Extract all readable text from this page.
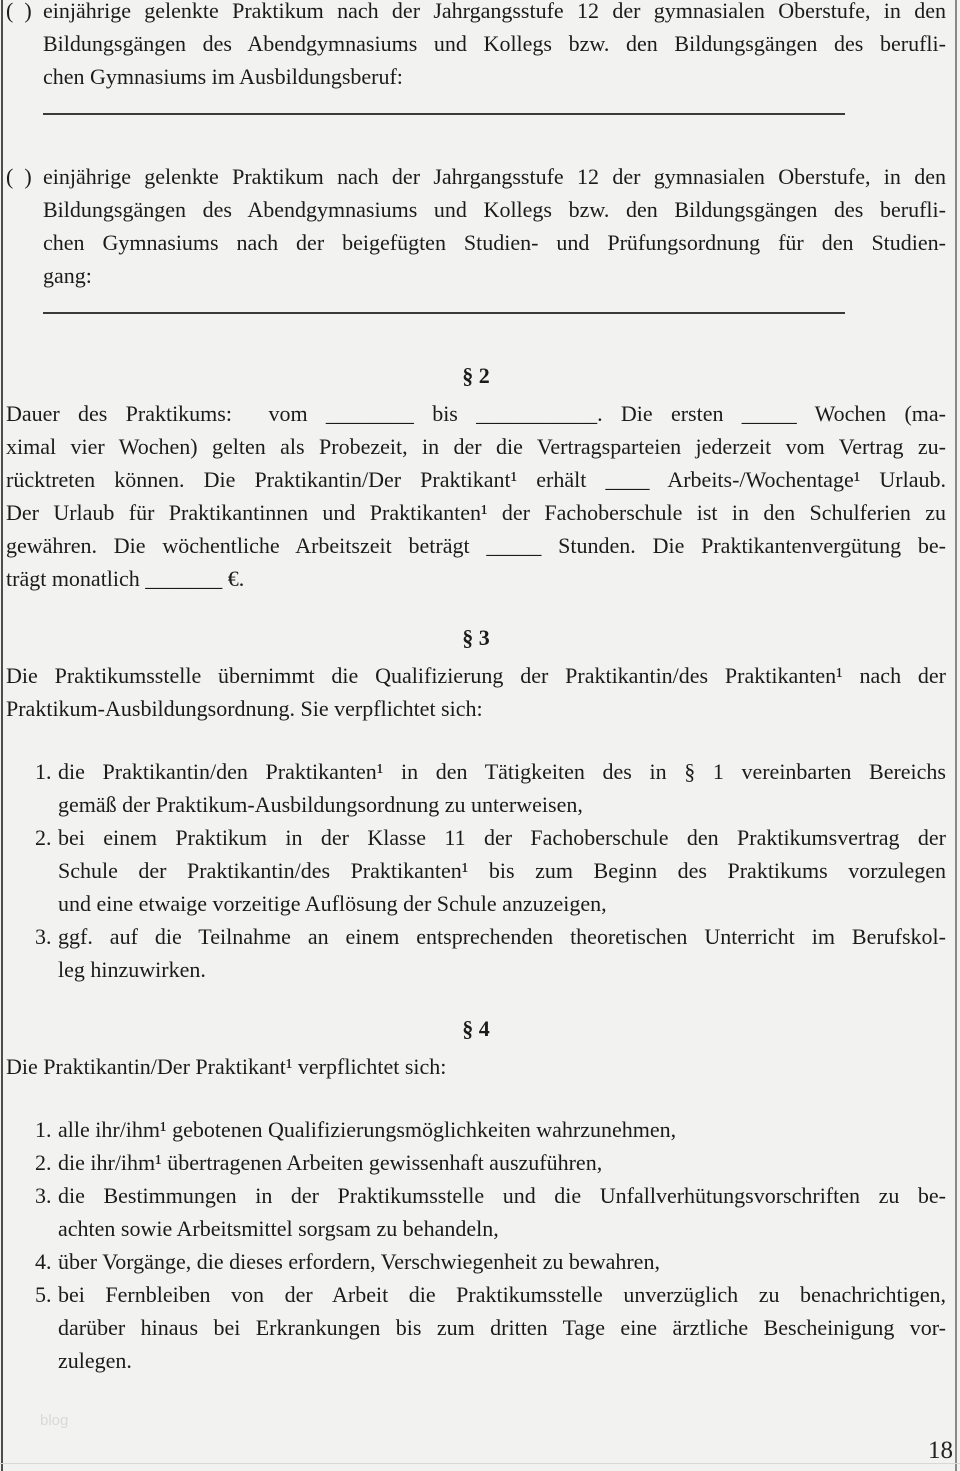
(  ) einjährige gelenkte Praktikum nach der Jahrgangsstufe 12 der gymnasialen Oberstufe, in den
Bildungsgängen des Abendgymnasiums und Kollegs bzw. den Bildungsgängen des berufli-
chen Gymnasiums im Ausbildungsberuf:
(  ) einjährige gelenkte Praktikum nach der Jahrgangsstufe 12 der gymnasialen Oberstufe, in den
Bildungsgängen des Abendgymnasiums und Kollegs bzw. den Bildungsgängen des berufli-
chen Gymnasiums nach der beigefügten Studien- und Prüfungsordnung für den Studien-
gang:
§ 2
Dauer des Praktikums:  vom ________ bis ___________. Die ersten _____ Wochen (ma-
ximal vier Wochen) gelten als Probezeit, in der die Vertragsparteien jederzeit vom Vertrag zu-
rücktreten können. Die Praktikantin/Der Praktikant¹ erhält ____ Arbeits-/Wochentage¹ Urlaub.
Der Urlaub für Praktikantinnen und Praktikanten¹ der Fachoberschule ist in den Schulferien zu
gewähren. Die wöchentliche Arbeitszeit beträgt _____ Stunden. Die Praktikantenvergütung be-
trägt monatlich _______ €.
§ 3
Die Praktikumsstelle übernimmt die Qualifizierung der Praktikantin/des Praktikanten¹ nach der
Praktikum-Ausbildungsordnung. Sie verpflichtet sich:
1. die Praktikantin/den Praktikanten¹ in den Tätigkeiten des in § 1 vereinbarten Bereichs
gemäß der Praktikum-Ausbildungsordnung zu unterweisen,
2. bei einem Praktikum in der Klasse 11 der Fachoberschule den Praktikumsvertrag der
Schule der Praktikantin/des Praktikanten¹ bis zum Beginn des Praktikums vorzulegen
und eine etwaige vorzeitige Auflösung der Schule anzuzeigen,
3. ggf. auf die Teilnahme an einem entsprechenden theoretischen Unterricht im Berufskol-
leg hinzuwirken.
§ 4
Die Praktikantin/Der Praktikant¹ verpflichtet sich:
1. alle ihr/ihm¹ gebotenen Qualifizierungsmöglichkeiten wahrzunehmen,
2. die ihr/ihm¹ übertragenen Arbeiten gewissenhaft auszuführen,
3. die Bestimmungen in der Praktikumsstelle und die Unfallverhütungsvorschriften zu be-
achten sowie Arbeitsmittel sorgsam zu behandeln,
4. über Vorgänge, die dieses erfordern, Verschwiegenheit zu bewahren,
5. bei Fernbleiben von der Arbeit die Praktikumsstelle unverzüglich zu benachrichtigen,
darüber hinaus bei Erkrankungen bis zum dritten Tage eine ärztliche Bescheinigung vor-
zulegen.
blog
18
